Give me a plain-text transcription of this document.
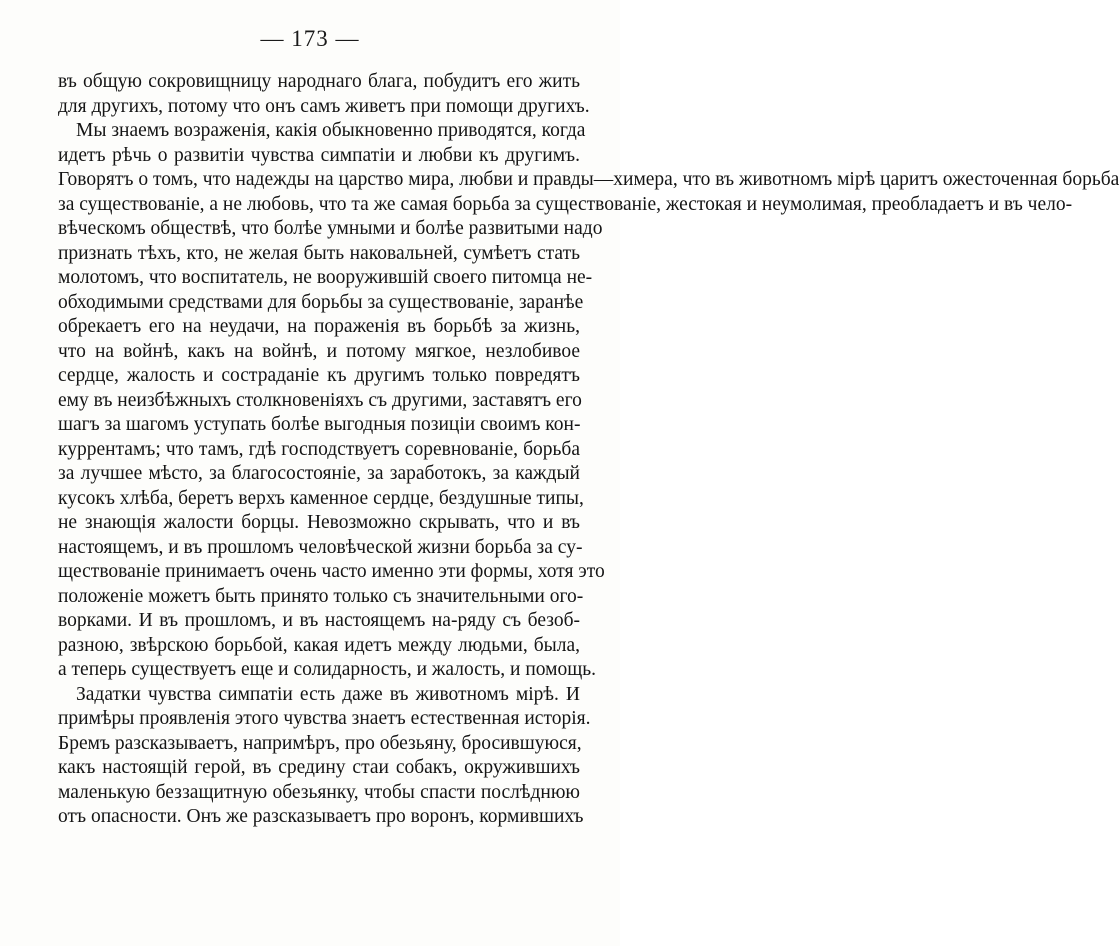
— 173 —
въ общую сокровищницу народнаго блага, побудитъ его жить
для другихъ, потому что онъ самъ живетъ при помощи другихъ.
Мы знаемъ возраженія, какія обыкновенно приводятся, когда
идетъ рѣчь о развитіи чувства симпатіи и любви къ другимъ.
Говорятъ о томъ, что надежды на царство мира, любви и правды—химера, что въ животномъ мірѣ царитъ ожесточенная борьба
за существованіе, а не любовь, что та же самая борьба за существованіе, жестокая и неумолимая, преобладаетъ и въ чело-
вѣческомъ обществѣ, что болѣе умными и болѣе развитыми надо
признать тѣхъ, кто, не желая быть наковальней, сумѣетъ стать
молотомъ, что воспитатель, не вооружившій своего питомца не-
обходимыми средствами для борьбы за существованіе, заранѣе
обрекаетъ его на неудачи, на пораженія въ борьбѣ за жизнь,
что на войнѣ, какъ на войнѣ, и потому мягкое, незлобивое
сердце, жалость и состраданіе къ другимъ только повредятъ
ему въ неизбѣжныхъ столкновеніяхъ съ другими, заставятъ его
шагъ за шагомъ уступать болѣе выгодныя позиціи своимъ кон-
куррентамъ; что тамъ, гдѣ господствуетъ соревнованіе, борьба
за лучшее мѣсто, за благосостояніе, за заработокъ, за каждый
кусокъ хлѣба, беретъ верхъ каменное сердце, бездушные типы,
не знающія жалости борцы. Невозможно скрывать, что и въ
настоящемъ, и въ прошломъ человѣческой жизни борьба за су-
ществованіе принимаетъ очень часто именно эти формы, хотя это
положеніе можетъ быть принято только съ значительными ого-
ворками. И въ прошломъ, и въ настоящемъ на-ряду съ безоб-
разною, звѣрскою борьбой, какая идетъ между людьми, была,
а теперь существуетъ еще и солидарность, и жалость, и помощь.
Задатки чувства симпатіи есть даже въ животномъ мірѣ. И
примѣры проявленія этого чувства знаетъ естественная исторія.
Бремъ разсказываетъ, напримѣръ, про обезьяну, бросившуюся,
какъ настоящій герой, въ средину стаи собакъ, окружившихъ
маленькую беззащитную обезьянку, чтобы спасти послѣднюю
отъ опасности. Онъ же разсказываетъ про воронъ, кормившихъ
